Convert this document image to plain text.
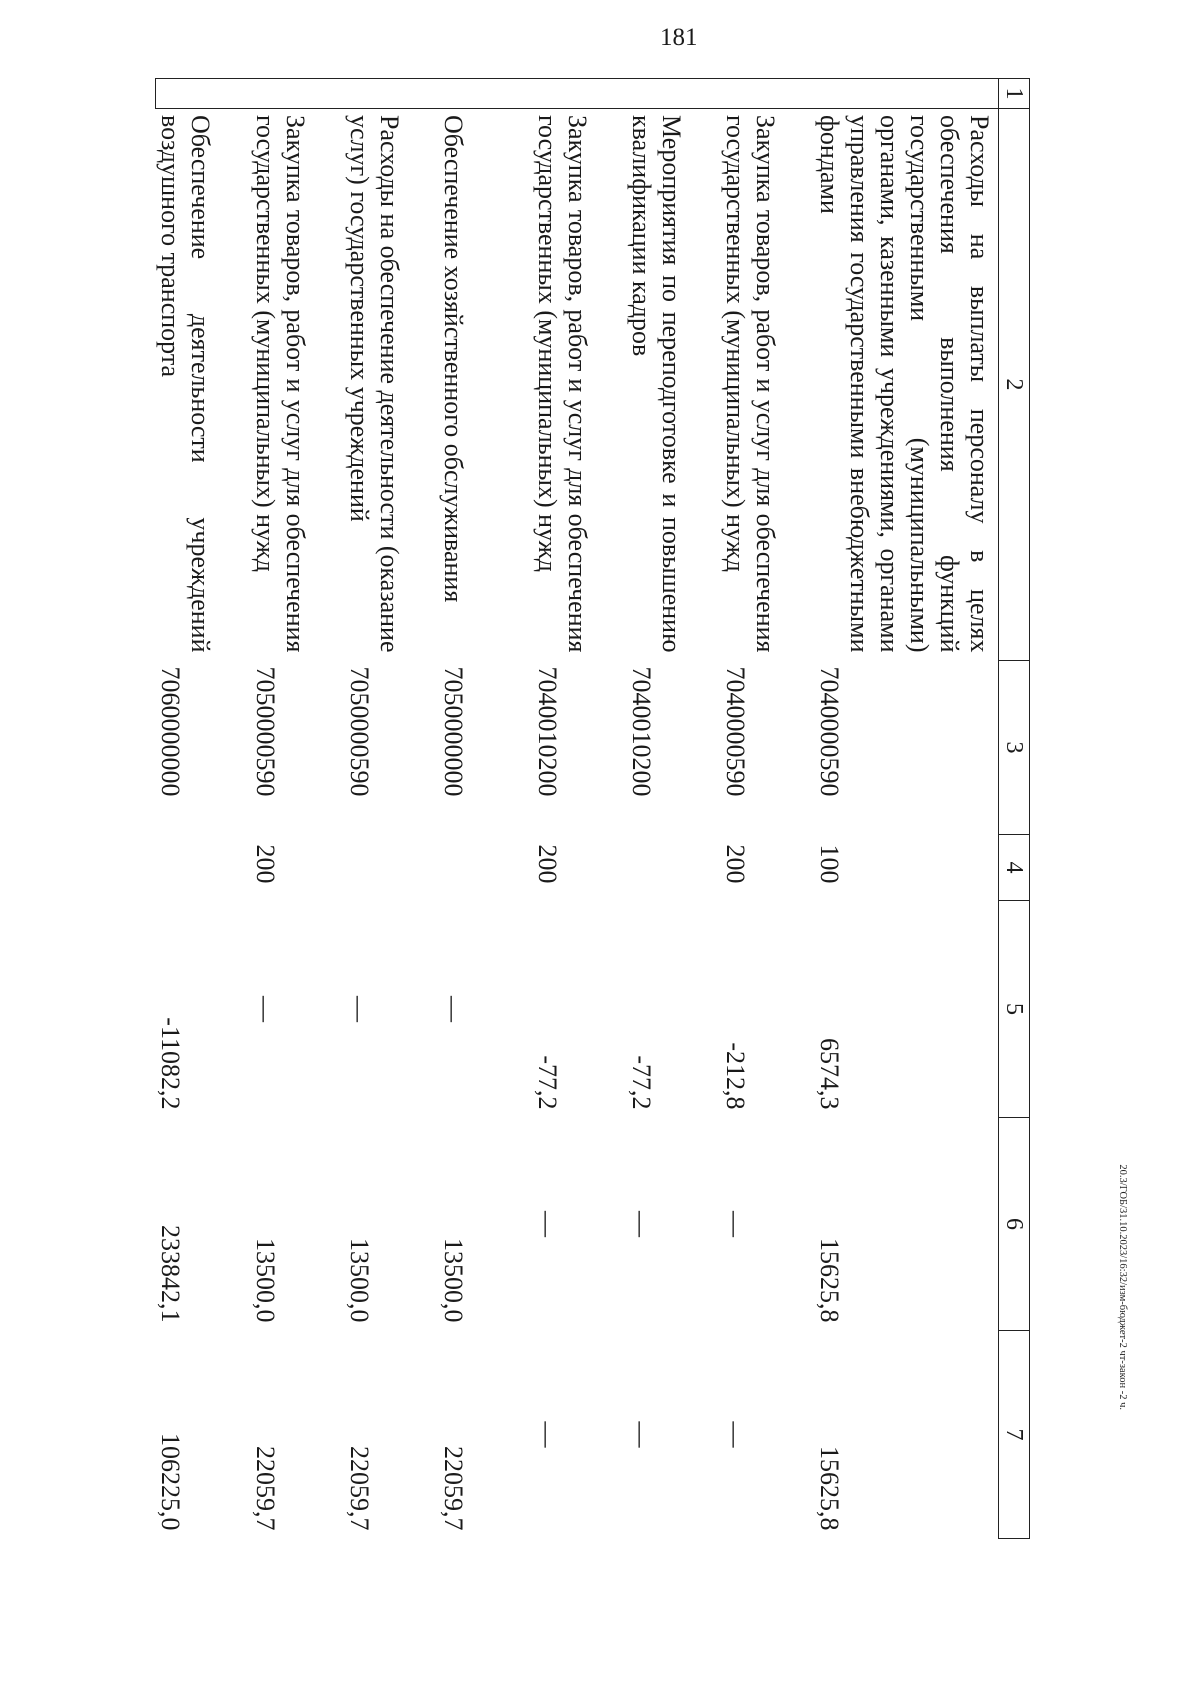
181
20.3/ГОБ/31.10.2023/16:32/изм-бюджет-2 чт-закон -2 ч.
1	2	3	4	5	6	7
	Расходы на выплаты персоналу в целях обеспечения выполнения функций государственными (муниципальными) органами, казенными учреждениями, органами управления государственными внебюджетными фондами	7040000590	100	6574,3	15625,8	15625,8
	Закупка товаров, работ и услуг для обеспечения государственных (муниципальных) нужд	7040000590	200	-212,8	—	—
	Мероприятия по переподготовке и повышению квалификации кадров	7040010200		-77,2	—	—
	Закупка товаров, работ и услуг для обеспечения государственных (муниципальных) нужд	7040010200	200	-77,2	—	—
	Обеспечение хозяйственного обслуживания	7050000000		—	13500,0	22059,7
	Расходы на обеспечение деятельности (оказание услуг) государственных учреждений	7050000590		—	13500,0	22059,7
	Закупка товаров, работ и услуг для обеспечения государственных (муниципальных) нужд	7050000590	200	—	13500,0	22059,7
	Обеспечение деятельности учреждений воздушного транспорта	7060000000		-11082,2	233842,1	106225,0
